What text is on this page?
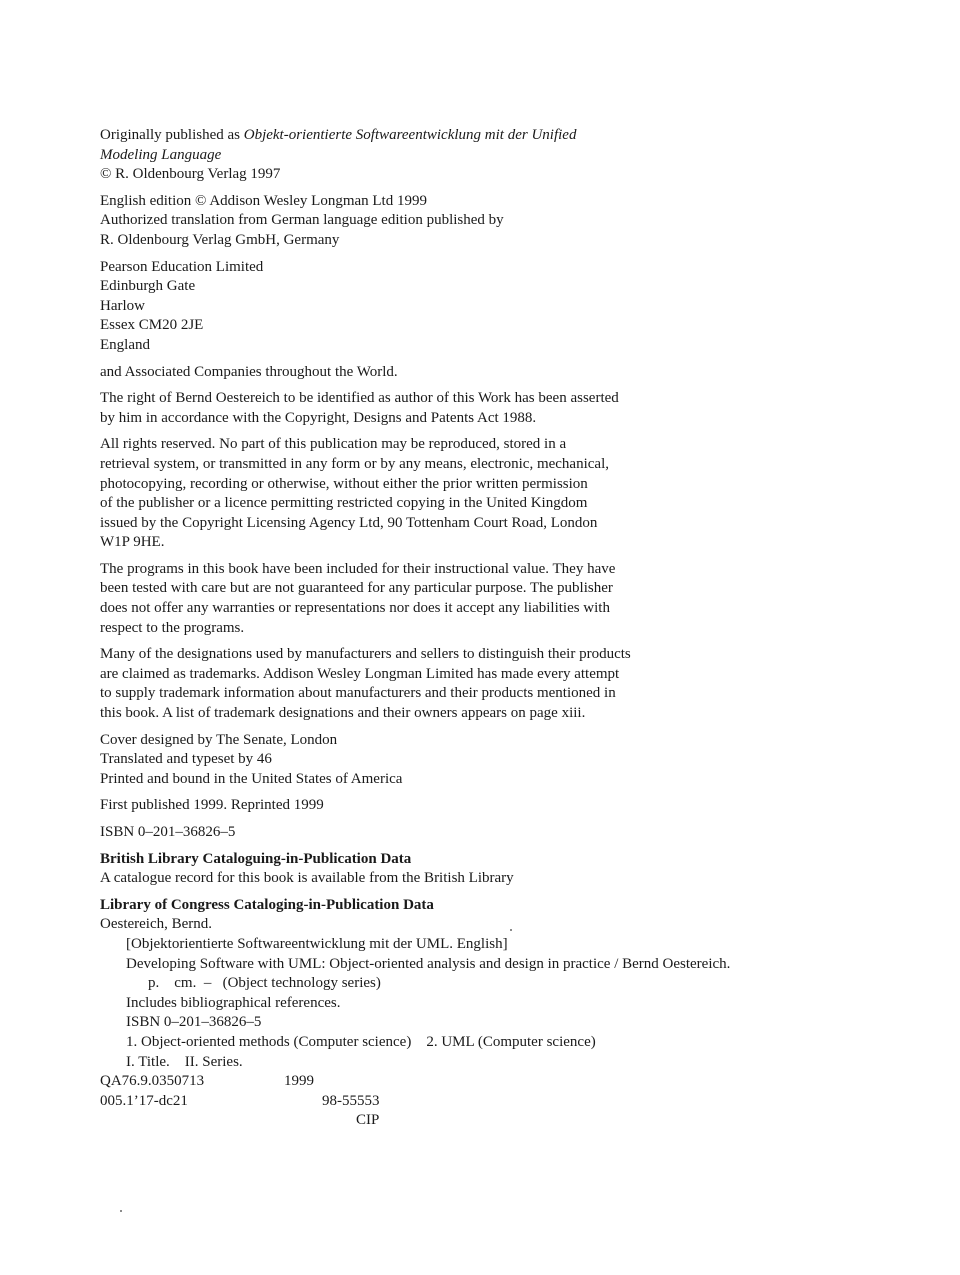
Originally published as Objekt-orientierte Softwareentwicklung mit der Unified
Modeling Language
© R. Oldenbourg Verlag 1997
English edition © Addison Wesley Longman Ltd 1999
Authorized translation from German language edition published by
R. Oldenbourg Verlag GmbH, Germany
Pearson Education Limited
Edinburgh Gate
Harlow
Essex CM20 2JE
England
and Associated Companies throughout the World.
The right of Bernd Oestereich to be identified as author of this Work has been asserted
by him in accordance with the Copyright, Designs and Patents Act 1988.
All rights reserved. No part of this publication may be reproduced, stored in a
retrieval system, or transmitted in any form or by any means, electronic, mechanical,
photocopying, recording or otherwise, without either the prior written permission
of the publisher or a licence permitting restricted copying in the United Kingdom
issued by the Copyright Licensing Agency Ltd, 90 Tottenham Court Road, London
W1P 9HE.
The programs in this book have been included for their instructional value. They have
been tested with care but are not guaranteed for any particular purpose. The publisher
does not offer any warranties or representations nor does it accept any liabilities with
respect to the programs.
Many of the designations used by manufacturers and sellers to distinguish their products
are claimed as trademarks. Addison Wesley Longman Limited has made every attempt
to supply trademark information about manufacturers and their products mentioned in
this book. A list of trademark designations and their owners appears on page xiii.
Cover designed by The Senate, London
Translated and typeset by 46
Printed and bound in the United States of America
First published 1999. Reprinted 1999
ISBN 0–201–36826–5
British Library Cataloguing-in-Publication Data
A catalogue record for this book is available from the British Library
Library of Congress Cataloging-in-Publication Data
Oestereich, Bernd.
[Objektorientierte Softwareentwicklung mit der UML. English]
Developing Software with UML: Object-oriented analysis and design in practice / Bernd Oestereich.
p.    cm.  –   (Object technology series)
Includes bibliographical references.
ISBN 0–201–36826–5
1. Object-oriented methods (Computer science)    2. UML (Computer science)
I. Title.    II. Series.
QA76.9.0350713	1999
005.1’17-dc21	98-55553
CIP
